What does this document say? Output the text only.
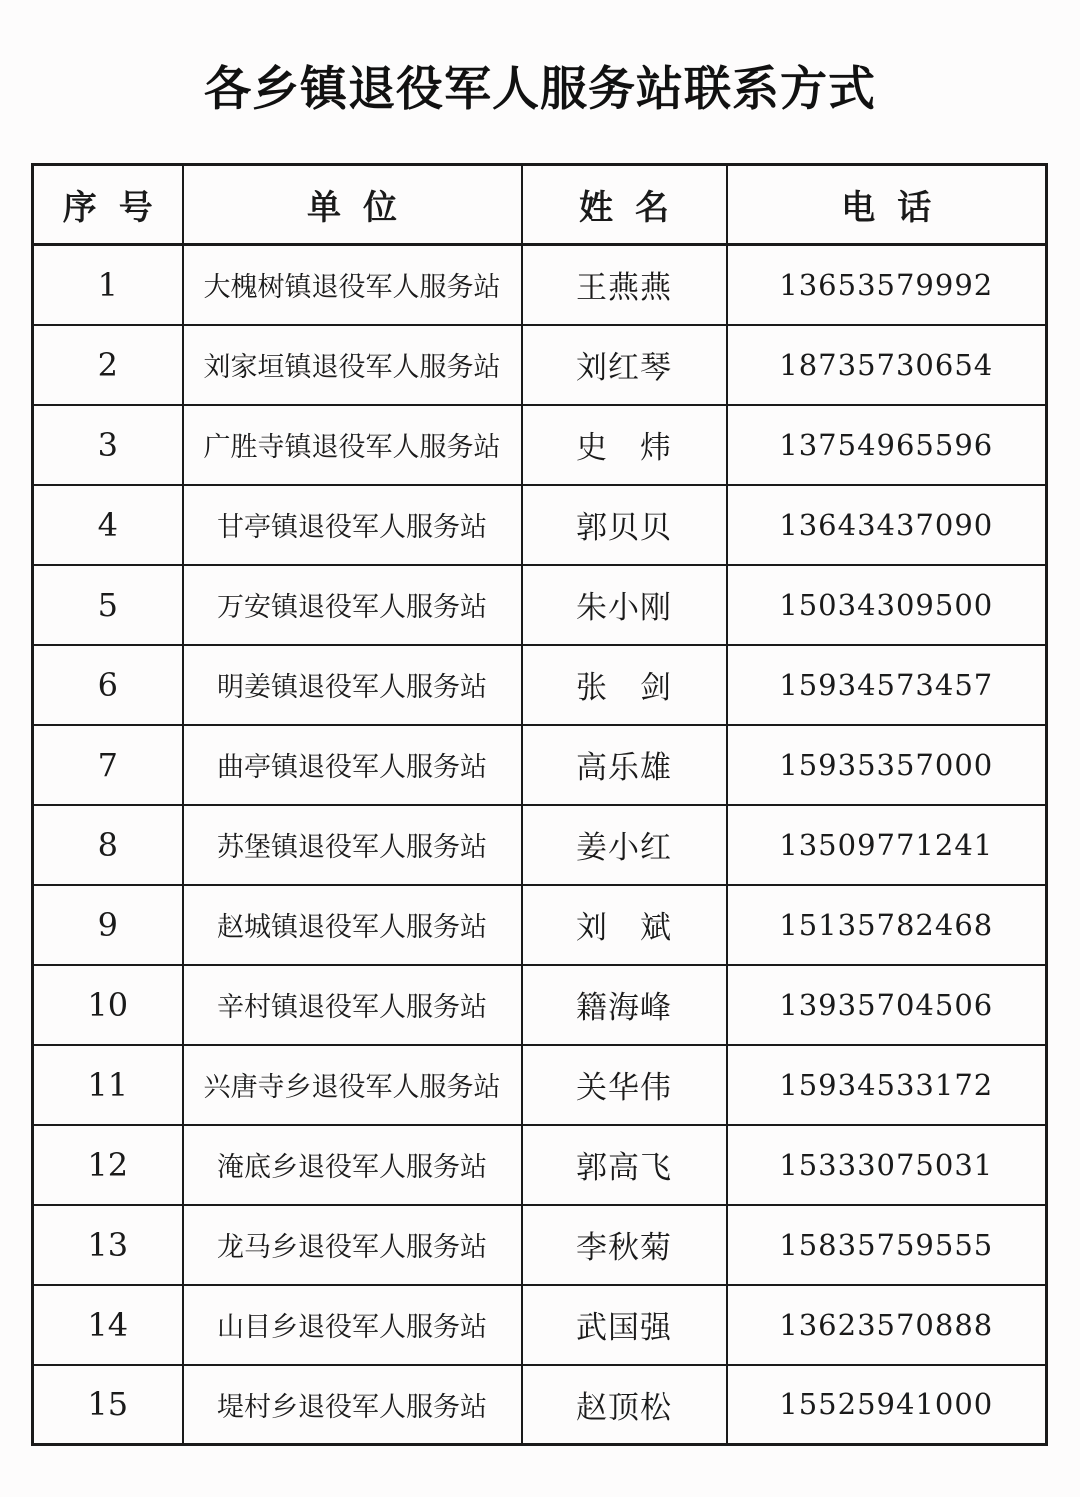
各乡镇退役军人服务站联系方式
序号	单位	姓名	电话
1	大槐树镇退役军人服务站	王燕燕	13653579992
2	刘家垣镇退役军人服务站	刘红琴	18735730654
3	广胜寺镇退役军人服务站	史　炜	13754965596
4	甘亭镇退役军人服务站	郭贝贝	13643437090
5	万安镇退役军人服务站	朱小刚	15034309500
6	明姜镇退役军人服务站	张　剑	15934573457
7	曲亭镇退役军人服务站	高乐雄	15935357000
8	苏堡镇退役军人服务站	姜小红	13509771241
9	赵城镇退役军人服务站	刘　斌	15135782468
10	辛村镇退役军人服务站	籍海峰	13935704506
11	兴唐寺乡退役军人服务站	关华伟	15934533172
12	淹底乡退役军人服务站	郭高飞	15333075031
13	龙马乡退役军人服务站	李秋菊	15835759555
14	山目乡退役军人服务站	武国强	13623570888
15	堤村乡退役军人服务站	赵顶松	15525941000
